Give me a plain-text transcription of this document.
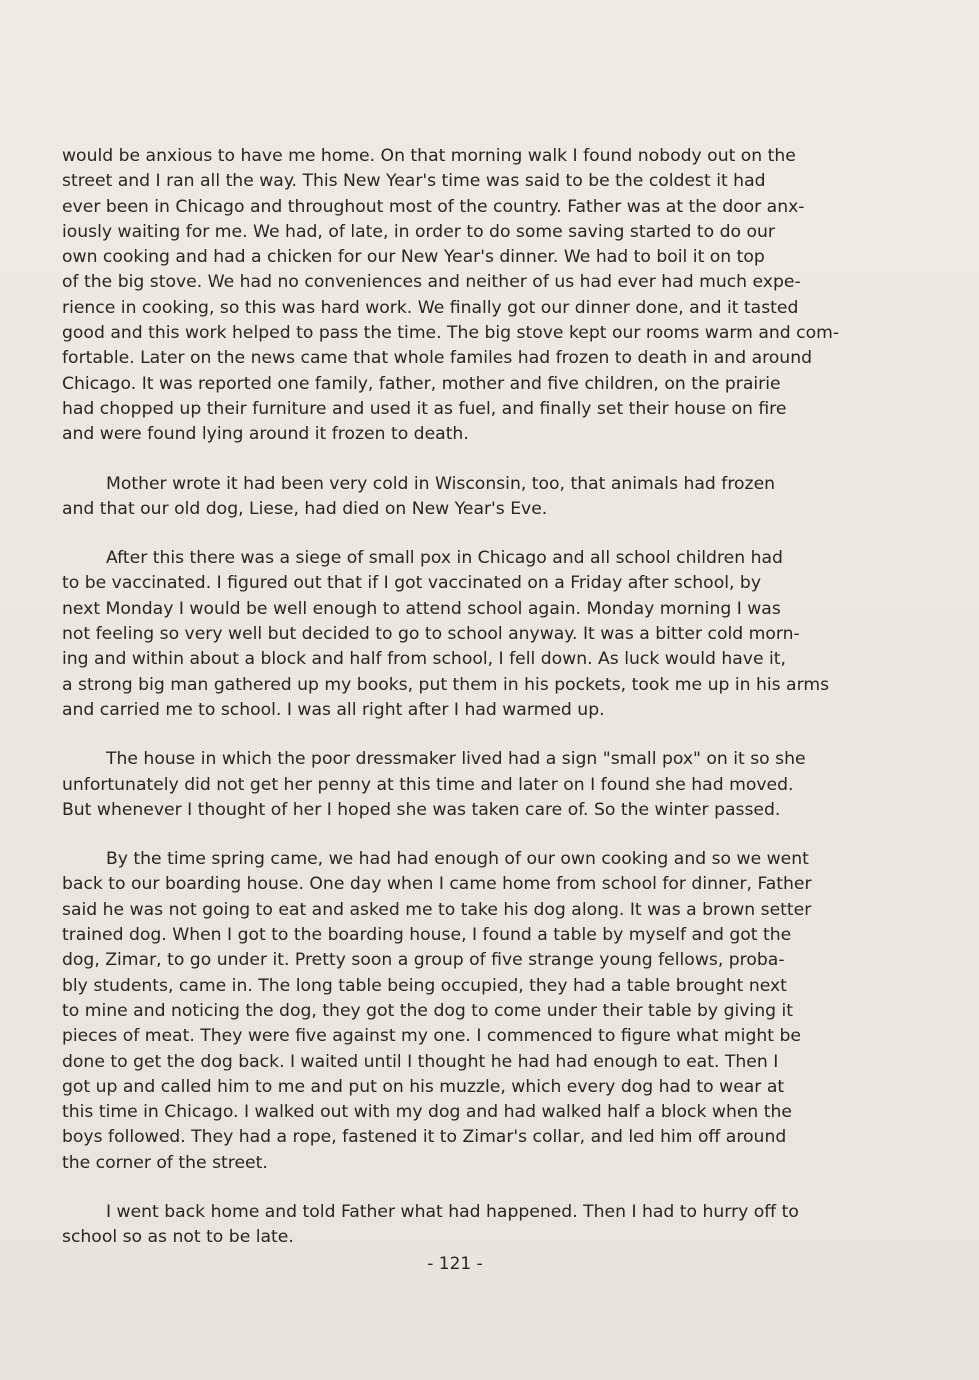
would be anxious to have me home. On that morning walk I found nobody out on the
street and I ran all the way. This New Year's time was said to be the coldest it had
ever been in Chicago and throughout most of the country. Father was at the door anx-
iously waiting for me. We had, of late, in order to do some saving started to do our
own cooking and had a chicken for our New Year's dinner. We had to boil it on top
of the big stove. We had no conveniences and neither of us had ever had much expe-
rience in cooking, so this was hard work. We finally got our dinner done, and it tasted
good and this work helped to pass the time. The big stove kept our rooms warm and com-
fortable. Later on the news came that whole familes had frozen to death in and around
Chicago. It was reported one family, father, mother and five children, on the prairie
had chopped up their furniture and used it as fuel, and finally set their house on fire
and were found lying around it frozen to death.
Mother wrote it had been very cold in Wisconsin, too, that animals had frozen
and that our old dog, Liese, had died on New Year's Eve.
After this there was a siege of small pox in Chicago and all school children had
to be vaccinated. I figured out that if I got vaccinated on a Friday after school, by
next Monday I would be well enough to attend school again. Monday morning I was
not feeling so very well but decided to go to school anyway. It was a bitter cold morn-
ing and within about a block and half from school, I fell down. As luck would have it,
a strong big man gathered up my books, put them in his pockets, took me up in his arms
and carried me to school. I was all right after I had warmed up.
The house in which the poor dressmaker lived had a sign "small pox" on it so she
unfortunately did not get her penny at this time and later on I found she had moved.
But whenever I thought of her I hoped she was taken care of. So the winter passed.
By the time spring came, we had had enough of our own cooking and so we went
back to our boarding house. One day when I came home from school for dinner, Father
said he was not going to eat and asked me to take his dog along. It was a brown setter
trained dog. When I got to the boarding house, I found a table by myself and got the
dog, Zimar, to go under it. Pretty soon a group of five strange young fellows, proba-
bly students, came in. The long table being occupied, they had a table brought next
to mine and noticing the dog, they got the dog to come under their table by giving it
pieces of meat. They were five against my one. I commenced to figure what might be
done to get the dog back. I waited until I thought he had had enough to eat. Then I
got up and called him to me and put on his muzzle, which every dog had to wear at
this time in Chicago. I walked out with my dog and had walked half a block when the
boys followed. They had a rope, fastened it to Zimar's collar, and led him off around
the corner of the street.
I went back home and told Father what had happened. Then I had to hurry off to
school so as not to be late.
- 121 -
